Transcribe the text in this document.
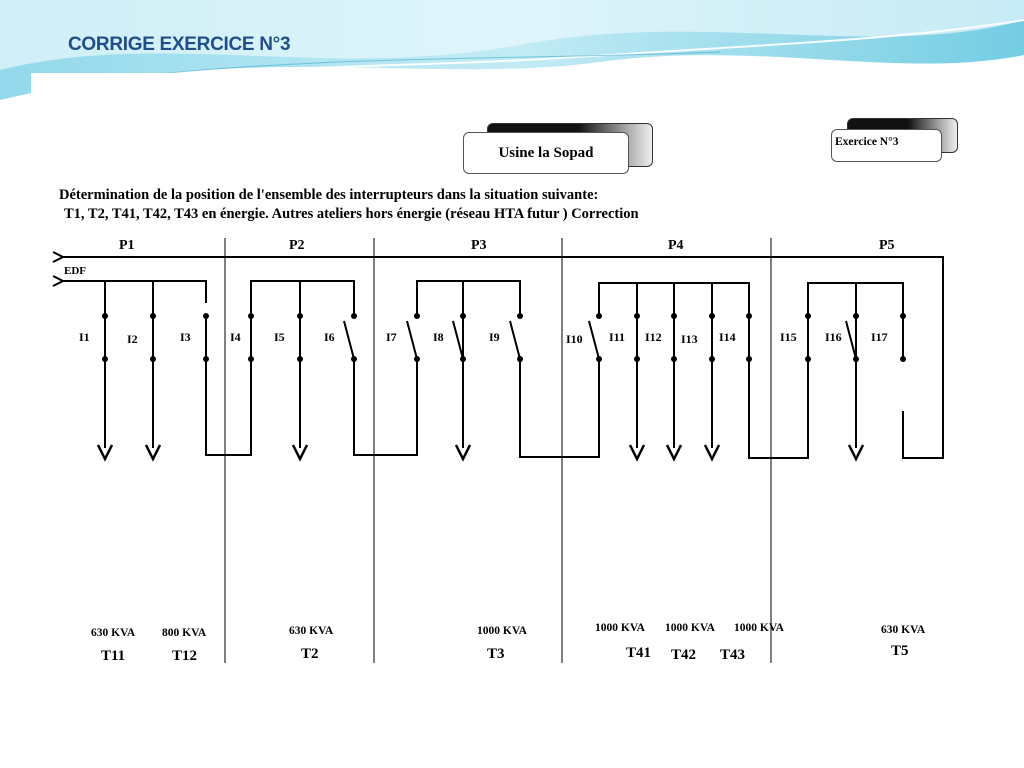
CORRIGE EXERCICE N°3
Usine la Sopad
Exercice N°3
Détermination de la position de l'ensemble des interrupteurs dans la situation suivante:
T1, T2, T41, T42, T43 en énergie. Autres ateliers hors énergie (réseau HTA futur ) Correction
I1	I2	I3	I4	I5	I6	I7	I8	I9	I10 I11 I12 I13 I14	I15 I16 I17
P1	P2	P3	P4	P5
EDF
630 KVA
T11
800 KVA
T12
630 KVA
T2
1000 KVA
T3
1000 KVA
T41
1000 KVA
T42
1000 KVA
T43
630 KVA
T5
